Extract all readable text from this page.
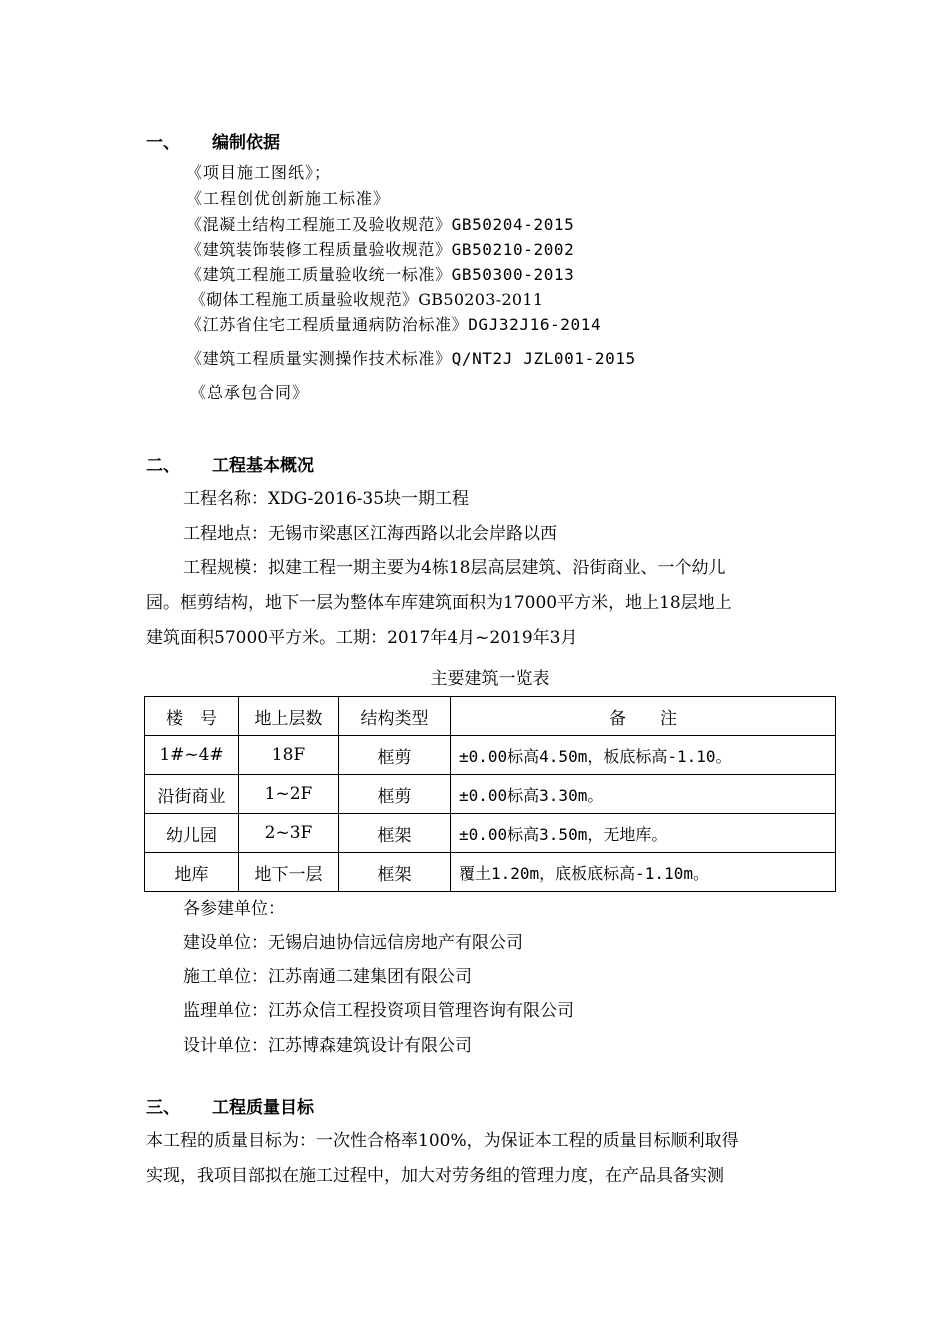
一、 编制依据
《项目施工图纸》；
《工程创优创新施工标准》
《混凝土结构工程施工及验收规范》GB50204-2015
《建筑装饰装修工程质量验收规范》GB50210-2002
《建筑工程施工质量验收统一标准》GB50300-2013
《砌体工程施工质量验收规范》GB50203-2011
《江苏省住宅工程质量通病防治标准》DGJ32J16-2014
《建筑工程质量实测操作技术标准》Q/NT2J JZL001-2015
《总承包合同》
二、 工程基本概况
工程名称：XDG-2016-35块一期工程
工程地点：无锡市梁惠区江海西路以北会岸路以西
工程规模：拟建工程一期主要为4栋18层高层建筑、沿街商业、一个幼儿
园。框剪结构，地下一层为整体车库建筑面积为17000平方米，地上18层地上
建筑面积57000平方米。工期：2017年4月~2019年3月
主要建筑一览表
楼　号	地上层数	结构类型	备　　注
1#~4#	18F	框剪	±0.00标高4.50m，板底标高-1.10。
沿街商业	1~2F	框剪	±0.00标高3.30m。
幼儿园	2~3F	框架	±0.00标高3.50m，无地库。
地库	地下一层	框架	覆土1.20m，底板底标高-1.10m。
各参建单位：
建设单位：无锡启迪协信远信房地产有限公司
施工单位：江苏南通二建集团有限公司
监理单位：江苏众信工程投资项目管理咨询有限公司
设计单位：江苏博森建筑设计有限公司
三、 工程质量目标
本工程的质量目标为：一次性合格率100%，为保证本工程的质量目标顺利取得
实现，我项目部拟在施工过程中，加大对劳务组的管理力度，在产品具备实测
